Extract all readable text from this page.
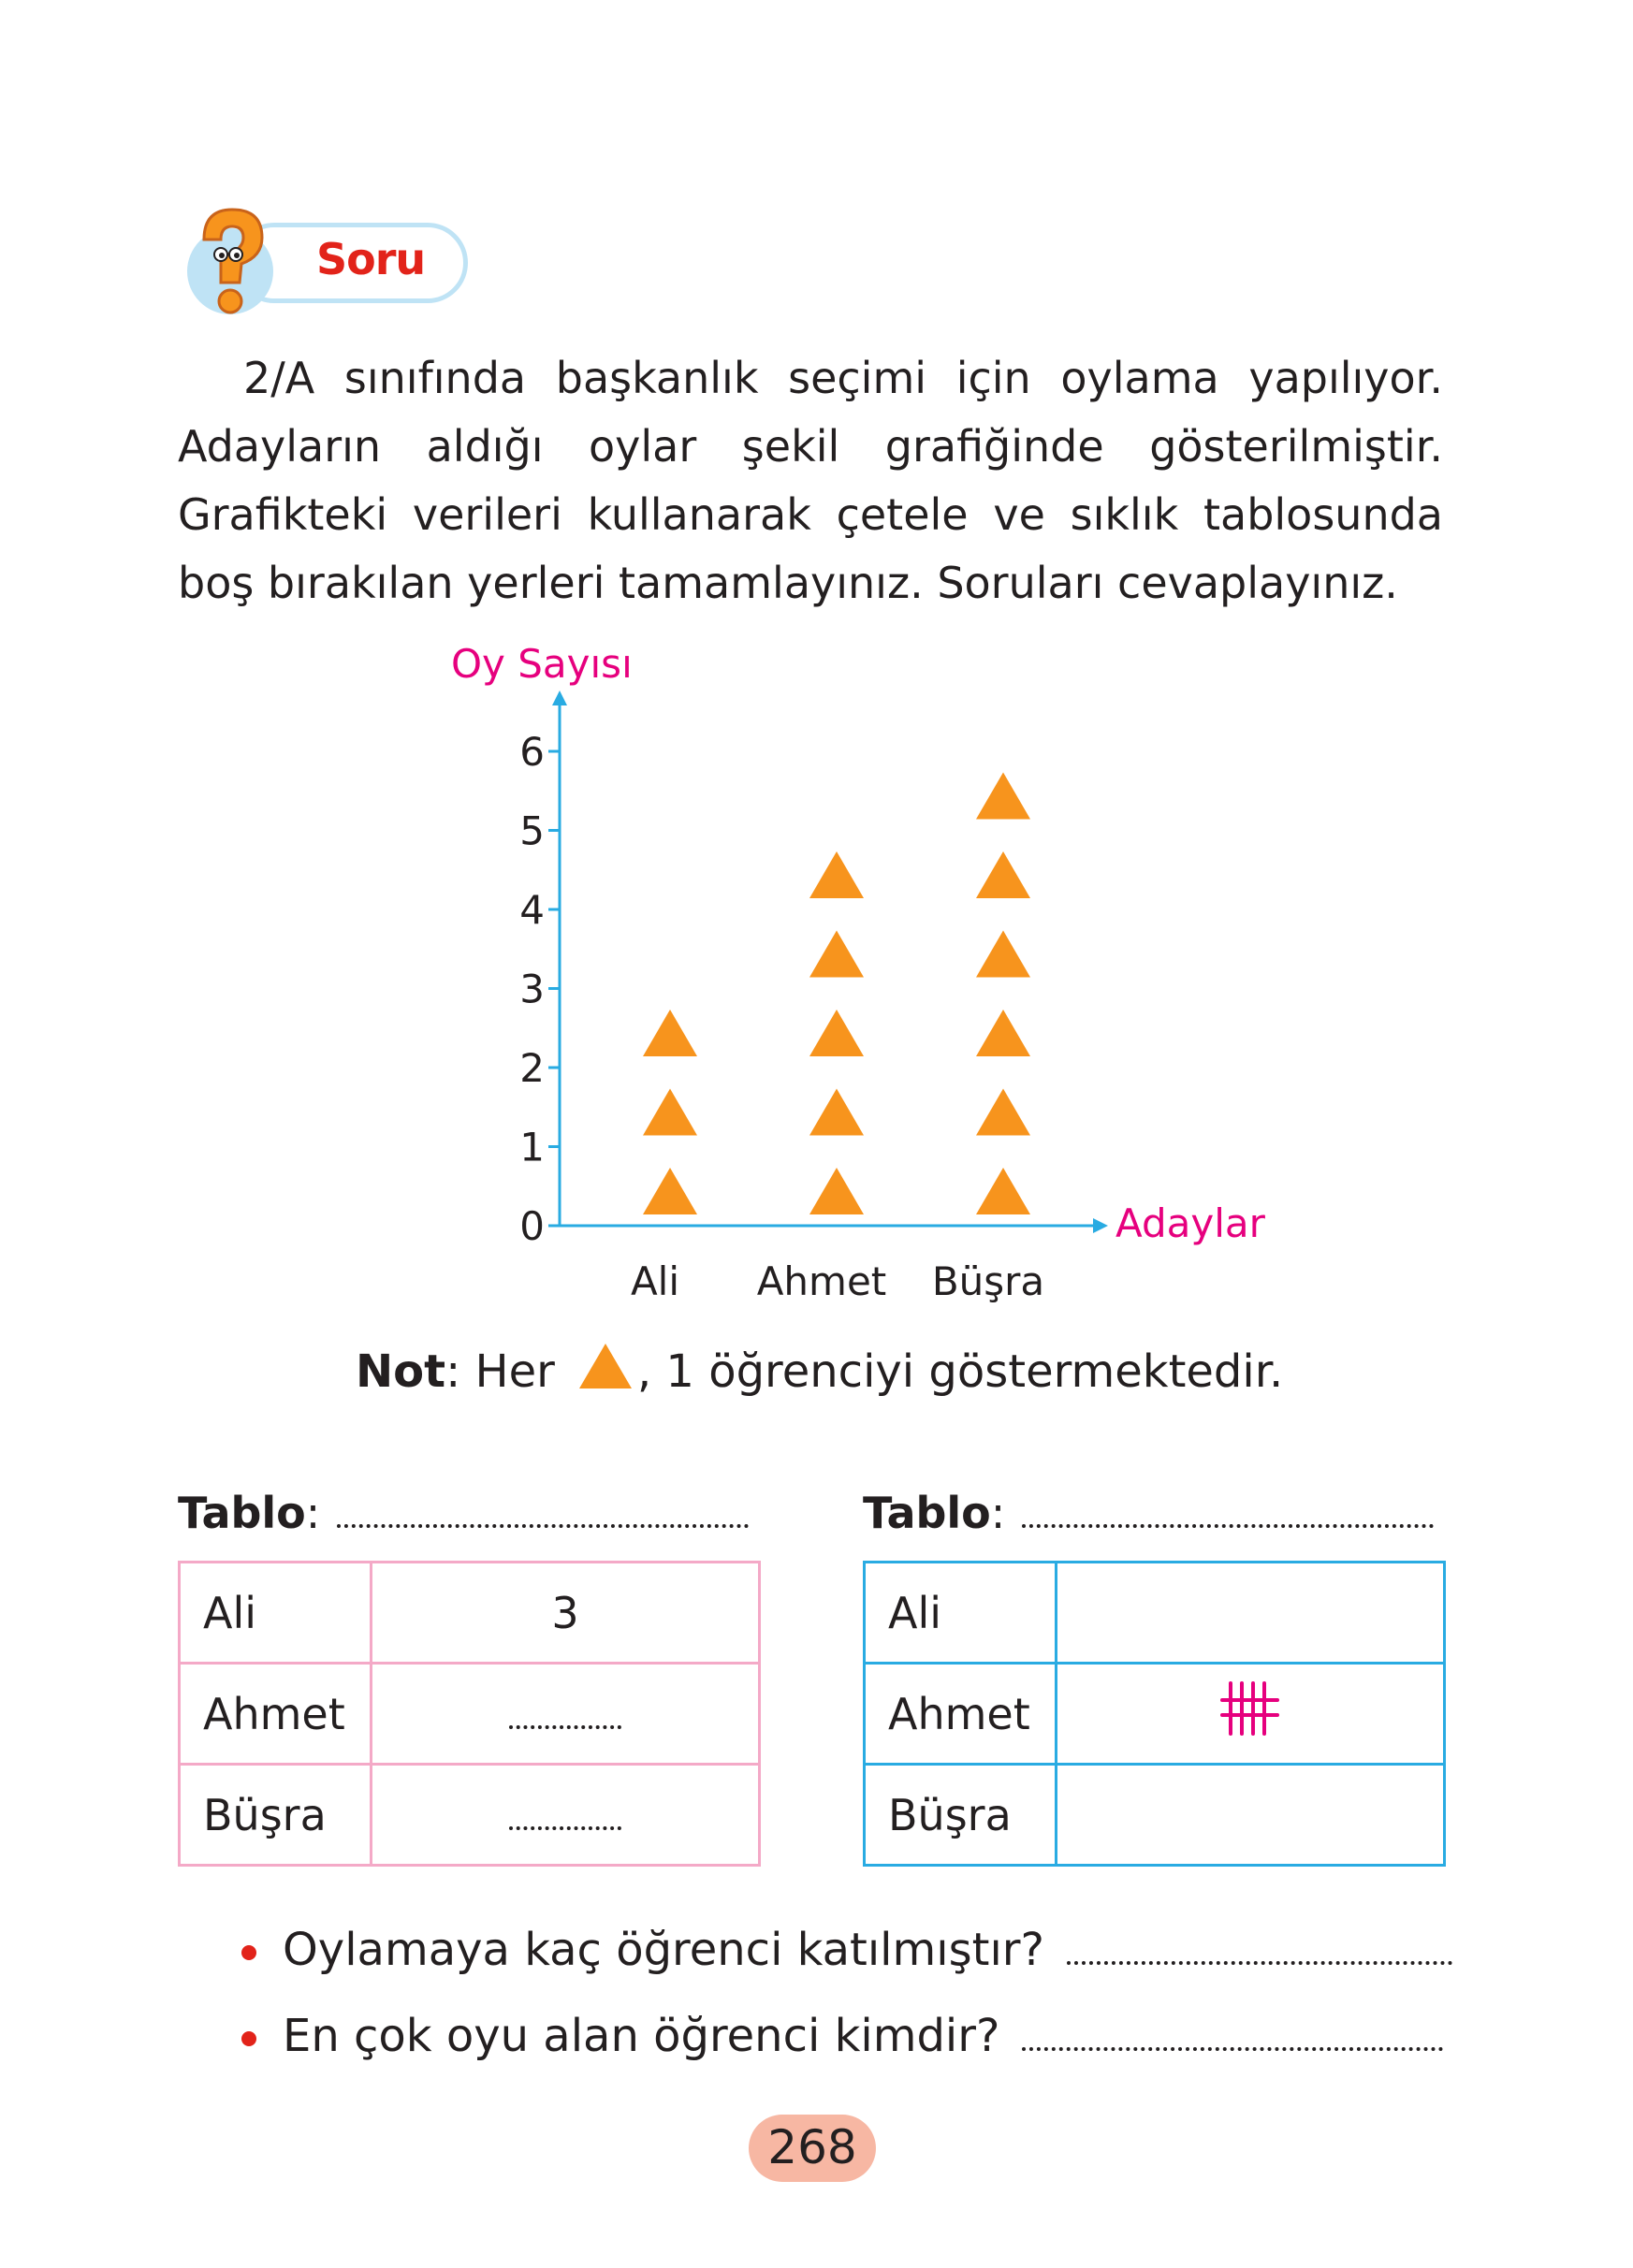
Soru

2/A sınıfında başkanlık seçimi için oylama yapılıyor. Adayların aldığı oylar şekil grafiğinde gösterilmiştir. Grafikteki verileri kullanarak çetele ve sıklık tablosunda boş bırakılan yerleri tamamlayınız. Soruları cevaplayınız.

0
1
2
3
4
5
6
Oy Sayısı
Adaylar
Ali Ahmet Büşra
Not: Her , 1 öğrenciyi göstermektedir.
Tablo:
Ali	3
Ahmet	
Büşra	
Tablo:
Ali	
Ahmet	
Büşra	
Oylamaya kaç öğrenci katılmıştır?
En çok oyu alan öğrenci kimdir?
268
